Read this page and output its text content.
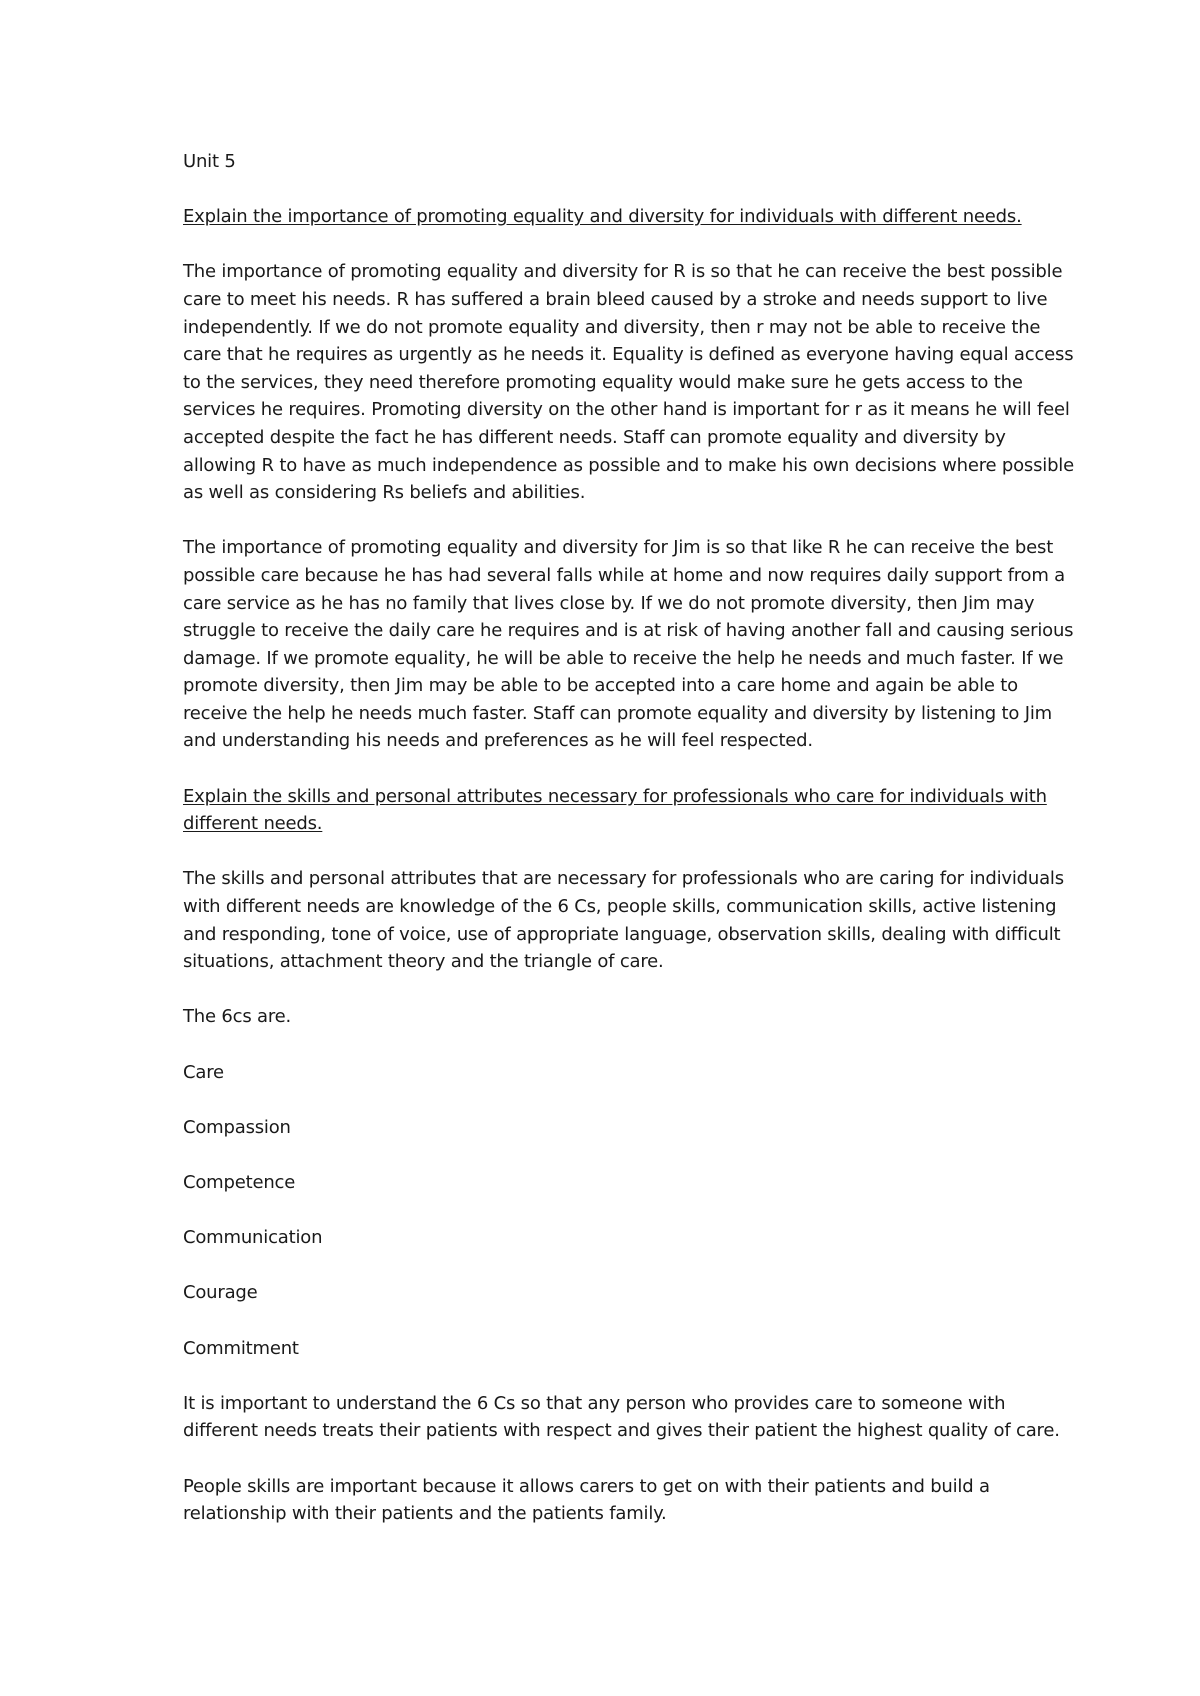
Unit 5

Explain the importance of promoting equality and diversity for individuals with different needs.

The importance of promoting equality and diversity for R is so that he can receive the best possible care to meet his needs. R has suffered a brain bleed caused by a stroke and needs support to live independently. If we do not promote equality and diversity, then r may not be able to receive the care that he requires as urgently as he needs it. Equality is defined as everyone having equal access to the services, they need therefore promoting equality would make sure he gets access to the services he requires. Promoting diversity on the other hand is important for r as it means he will feel accepted despite the fact he has different needs. Staff can promote equality and diversity by allowing R to have as much independence as possible and to make his own decisions where possible as well as considering Rs beliefs and abilities.

The importance of promoting equality and diversity for Jim is so that like R he can receive the best possible care because he has had several falls while at home and now requires daily support from a care service as he has no family that lives close by. If we do not promote diversity, then Jim may struggle to receive the daily care he requires and is at risk of having another fall and causing serious damage. If we promote equality, he will be able to receive the help he needs and much faster. If we promote diversity, then Jim may be able to be accepted into a care home and again be able to receive the help he needs much faster. Staff can promote equality and diversity by listening to Jim and understanding his needs and preferences as he will feel respected.

Explain the skills and personal attributes necessary for professionals who care for individuals with different needs.

The skills and personal attributes that are necessary for professionals who are caring for individuals with different needs are knowledge of the 6 Cs, people skills, communication skills, active listening and responding, tone of voice, use of appropriate language, observation skills, dealing with difficult situations, attachment theory and the triangle of care.

The 6cs are.

Care

Compassion

Competence

Communication

Courage

Commitment

It is important to understand the 6 Cs so that any person who provides care to someone with different needs treats their patients with respect and gives their patient the highest quality of care.

People skills are important because it allows carers to get on with their patients and build a relationship with their patients and the patients family.
